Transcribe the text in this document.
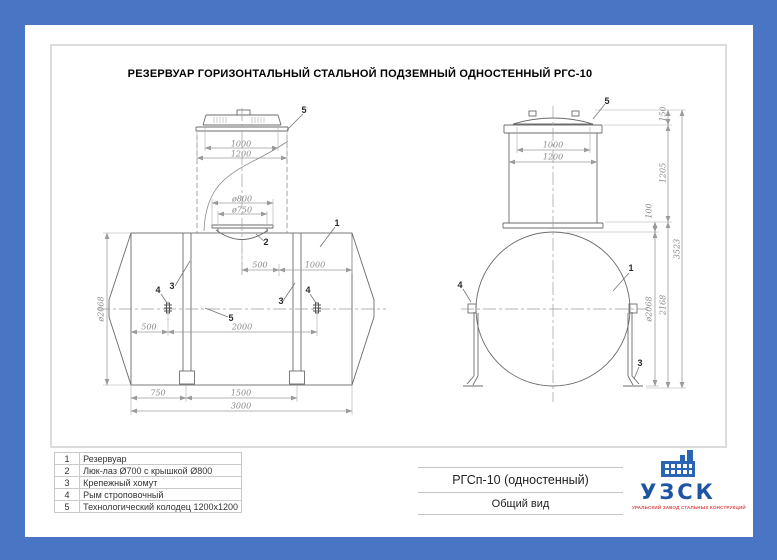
РЕЗЕРВУАР ГОРИЗОНТАЛЬНЫЙ СТАЛЬНОЙ ПОДЗЕМНЫЙ ОДНОСТЕННЫЙ РГС-10
1000
1200
ø800
ø750
500	1000
500	2000
750	1500
3000
ø2068
5
1
2
3
4
3
4
5
1000
1200
150
1205
100
2168
ø2068
3523
5
1
4
3
1	Резервуар
2	Люк-лаз Ø700 с крышкой Ø800
3	Крепежный хомут
4	Рым строповочный
5	Технологический колодец 1200х1200
РГСп-10 (одностенный)
Общий вид	УЗСК
УРАЛЬСКИЙ ЗАВОД СТАЛЬНЫХ КОНСТРУКЦИЙ
